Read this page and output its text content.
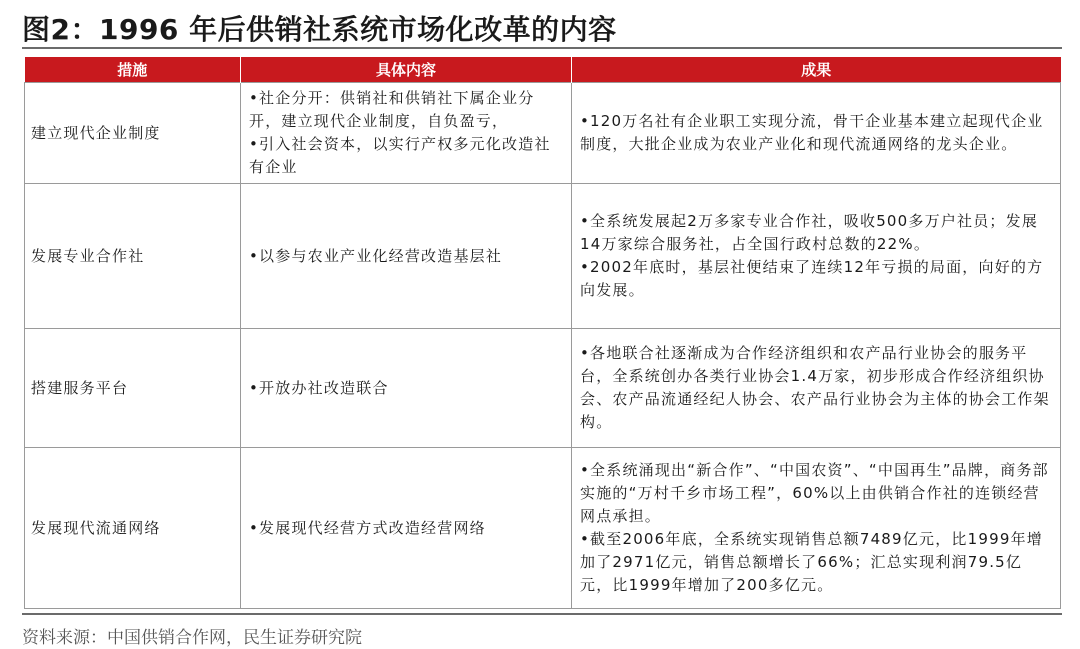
图2：1996 年后供销社系统市场化改革的内容
措施	具体内容	成果
建立现代企业制度	•社企分开：供销社和供销社下属企业分开，建立现代企业制度，自负盈亏，
•引入社会资本，以实行产权多元化改造社有企业	•120万名社有企业职工实现分流，骨干企业基本建立起现代企业制度，大批企业成为农业产业化和现代流通网络的龙头企业。

发展专业合作社	•以参与农业产业化经营改造基层社	•全系统发展起2万多家专业合作社，吸收500多万户社员；发展14万家综合服务社，占全国行政村总数的22%。
•2002年底时，基层社便结束了连续12年亏损的局面，向好的方向发展。

搭建服务平台	•开放办社改造联合	•各地联合社逐渐成为合作经济组织和农产品行业协会的服务平台，全系统创办各类行业协会1.4万家，初步形成合作经济组织协会、农产品流通经纪人协会、农产品行业协会为主体的协会工作架构。

发展现代流通网络	•发展现代经营方式改造经营网络	•全系统涌现出“新合作”、“中国农资”、“中国再生”品牌，商务部实施的“万村千乡市场工程”，60%以上由供销合作社的连锁经营网点承担。
•截至2006年底，全系统实现销售总额7489亿元，比1999年增加了2971亿元，销售总额增长了66%；汇总实现利润79.5亿元，比1999年增加了200多亿元。
资料来源：中国供销合作网，民生证券研究院
